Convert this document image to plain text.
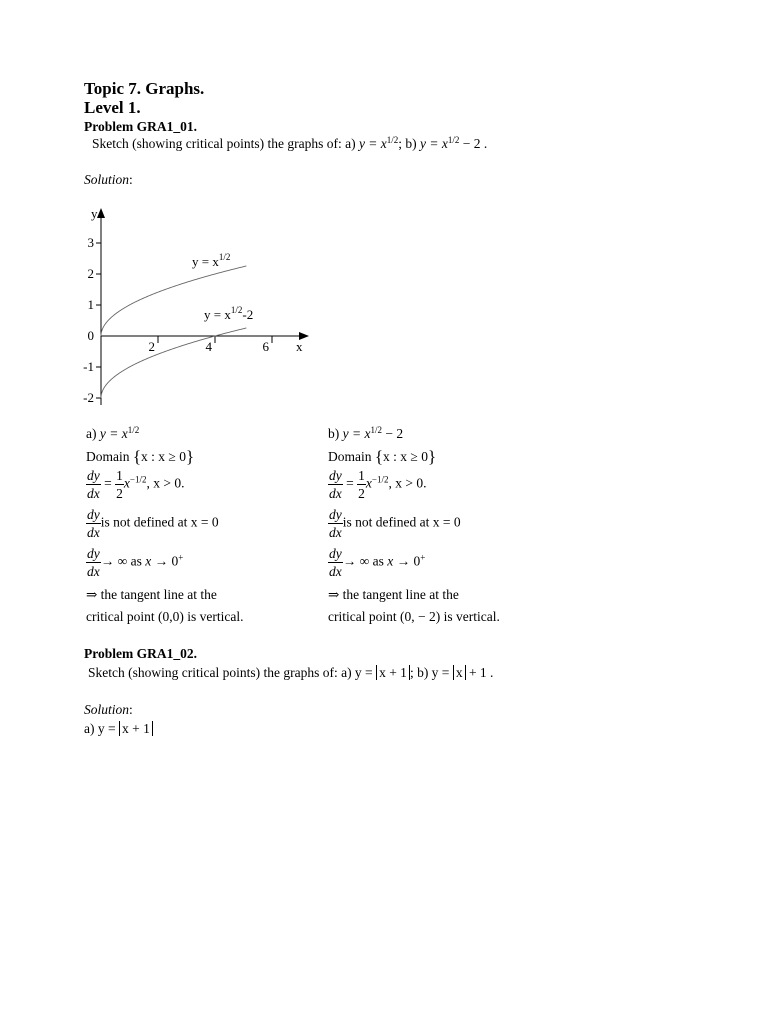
Topic 7. Graphs.
Level 1.
Problem GRA1_01.
Sketch (showing critical points) the graphs of: a) $y = x^{1/2}$; b) $y = x^{1/2} - 2$ .
Solution:
y
x
3
2
1
0
-1
-2
2	4	6
$y = x^{1/2}$
$y = x^{1/2}-2$
a) $y = x^{1/2}$
Domain {x : x ≥ 0}
$\frac{dy}{dx} = \frac{1}{2} x^{-1/2}$, x > 0.
$\frac{dy}{dx}$ is not defined at x = 0
$\frac{dy}{dx}$ → ∞ as x → 0+
⇒ the tangent line at the
critical point (0,0) is vertical.
b) $y = x^{1/2} - 2$
Domain {x : x ≥ 0}
$\frac{dy}{dx} = \frac{1}{2} x^{-1/2}$, x > 0.
$\frac{dy}{dx}$ is not defined at x = 0
$\frac{dy}{dx}$ → ∞ as x → 0+
⇒ the tangent line at the
critical point (0, − 2) is vertical.
Problem GRA1_02.
Sketch (showing critical points) the graphs of: a) y = x + 1 ; b) y = x + 1 .
Solution:
a) y = x + 1
